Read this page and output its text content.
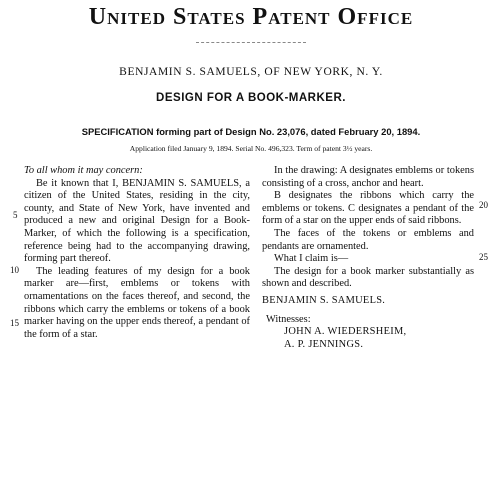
United States Patent Office
BENJAMIN S. SAMUELS, OF NEW YORK, N. Y.
DESIGN FOR A BOOK-MARKER.
SPECIFICATION forming part of Design No. 23,076, dated February 20, 1894.
Application filed January 9, 1894. Serial No. 496,323. Term of patent 3½ years.

To all whom it may concern:

Be it known that I, BENJAMIN S. SAMUELS, a citizen of the United States, residing in the city, county, and State of New York, have invented and produced a new and original Design for a Book-Marker, of which the following is a specification, reference being had to the accompanying drawing, forming part thereof.

The leading features of my design for a book marker are—first, emblems or tokens with ornamentations on the faces thereof, and second, the ribbons which carry the emblems or tokens of a book marker having on the upper ends thereof, a pendant of the form of a star.

In the drawing: A designates emblems or tokens consisting of a cross, anchor and heart.

B designates the ribbons which carry the emblems or tokens. C designates a pendant of the form of a star on the upper ends of said ribbons.

The faces of the tokens or emblems and pendants are ornamented.

What I claim is—

The design for a book marker substantially as shown and described.

BENJAMIN S. SAMUELS.

Witnesses:

JOHN A. WIEDERSHEIM,

A. P. JENNINGS.

5
10
15
20
25
